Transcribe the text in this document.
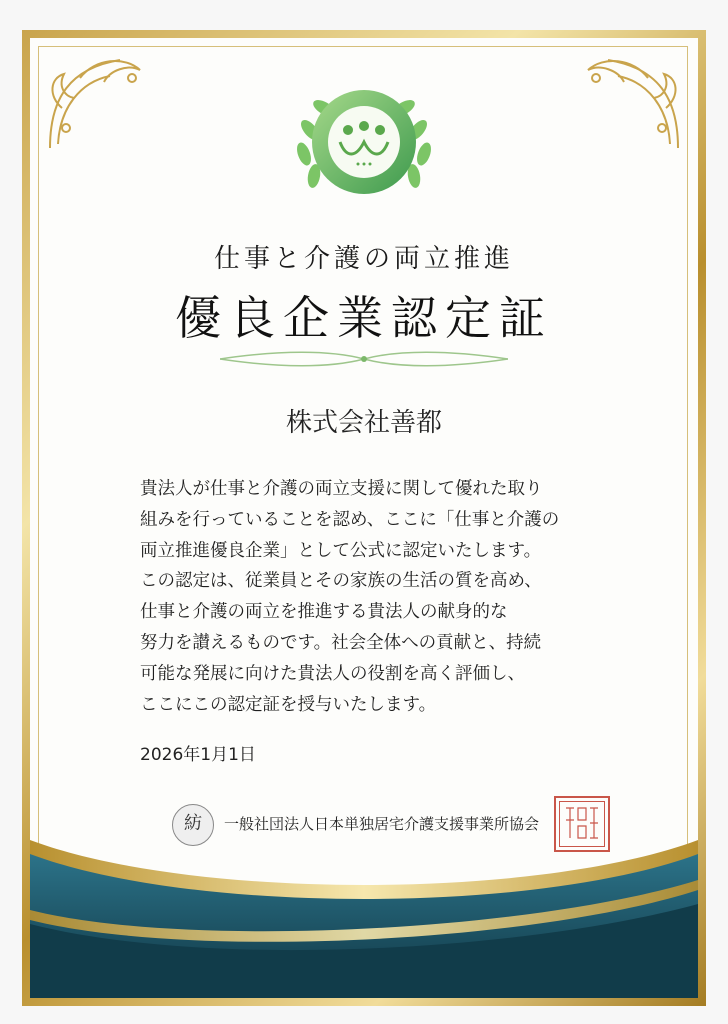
仕事と介護の両立推進
優良企業認定証
株式会社善都
貴法人が仕事と介護の両立支援に関して優れた取り
組みを行っていることを認め、ここに「仕事と介護の
両立推進優良企業」として公式に認定いたします。
この認定は、従業員とその家族の生活の質を高め、
仕事と介護の両立を推進する貴法人の献身的な
努力を讃えるものです。社会全体への貢献と、持続
可能な発展に向けた貴法人の役割を高く評価し、
ここにこの認定証を授与いたします。
2026年1月1日
紡	一般社団法人日本単独居宅介護支援事業所協会
